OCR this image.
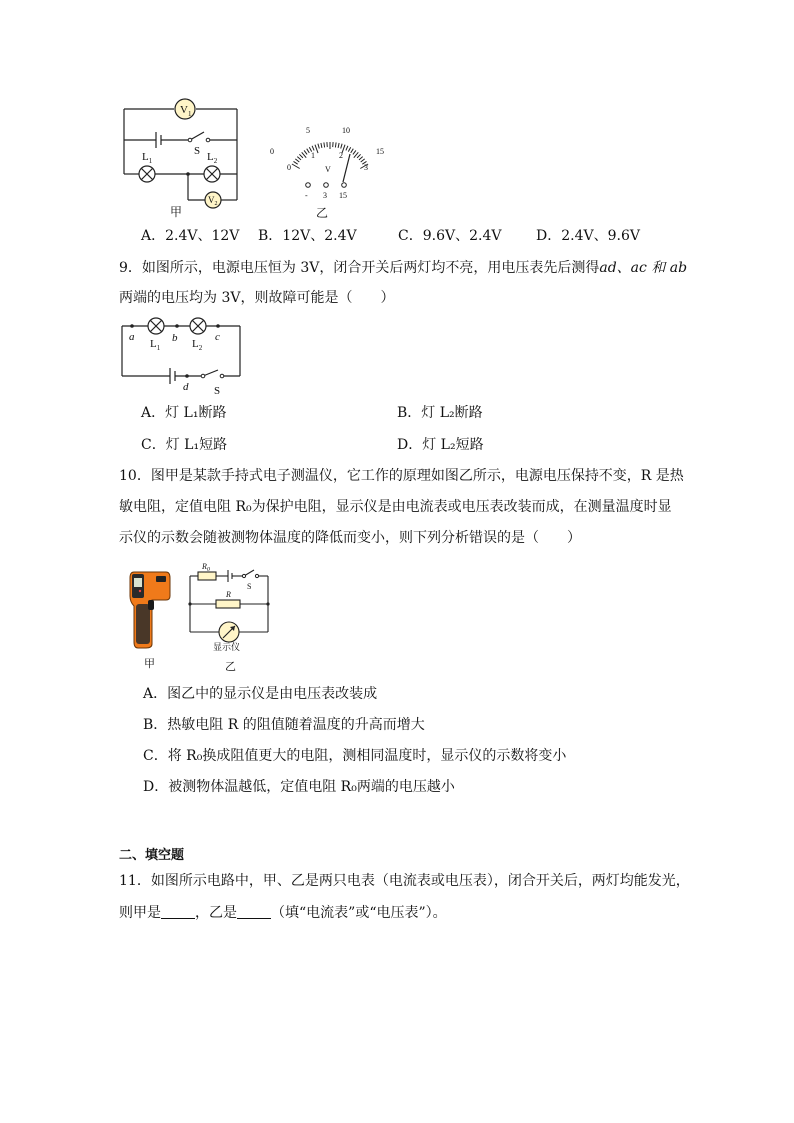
$V_1$
$V_2$
S
$L_1$	$L_2$
甲
0
5	10
15
0
1	2
3
V
- 3 15
乙
A．2.4V、12V B．12V、2.4V	C．9.6V、2.4V D．2.4V、9.6V
9．如图所示，电源电压恒为 3V，闭合开关后两灯均不亮，用电压表先后测得ad、ac 和 ab
两端的电压均为 3V，则故障可能是（　　）
a	b	c
d
$L_1$	$L_2$
S
A．灯 L₁断路	B．灯 L₂断路
C．灯 L₁短路	D．灯 L₂短路
10．图甲是某款手持式电子测温仪，它工作的原理如图乙所示，电源电压保持不变，R 是热
敏电阻，定值电阻 R₀为保护电阻，显示仪是由电流表或电压表改装而成，在测量温度时显
示仪的示数会随被测物体温度的降低而变小，则下列分析错误的是（　　）
甲
$R_0$
R
S
显示仪
乙
A．图乙中的显示仪是由电压表改装成
B．热敏电阻 R 的阻值随着温度的升高而增大
C．将 R₀换成阻值更大的电阻，测相同温度时，显示仪的示数将变小
D．被测物体温越低，定值电阻 R₀两端的电压越小
二、填空题
11．如图所示电路中，甲、乙是两只电表（电流表或电压表），闭合开关后，两灯均能发光，
则甲是 ，乙是 （填“电流表”或“电压表”）。
